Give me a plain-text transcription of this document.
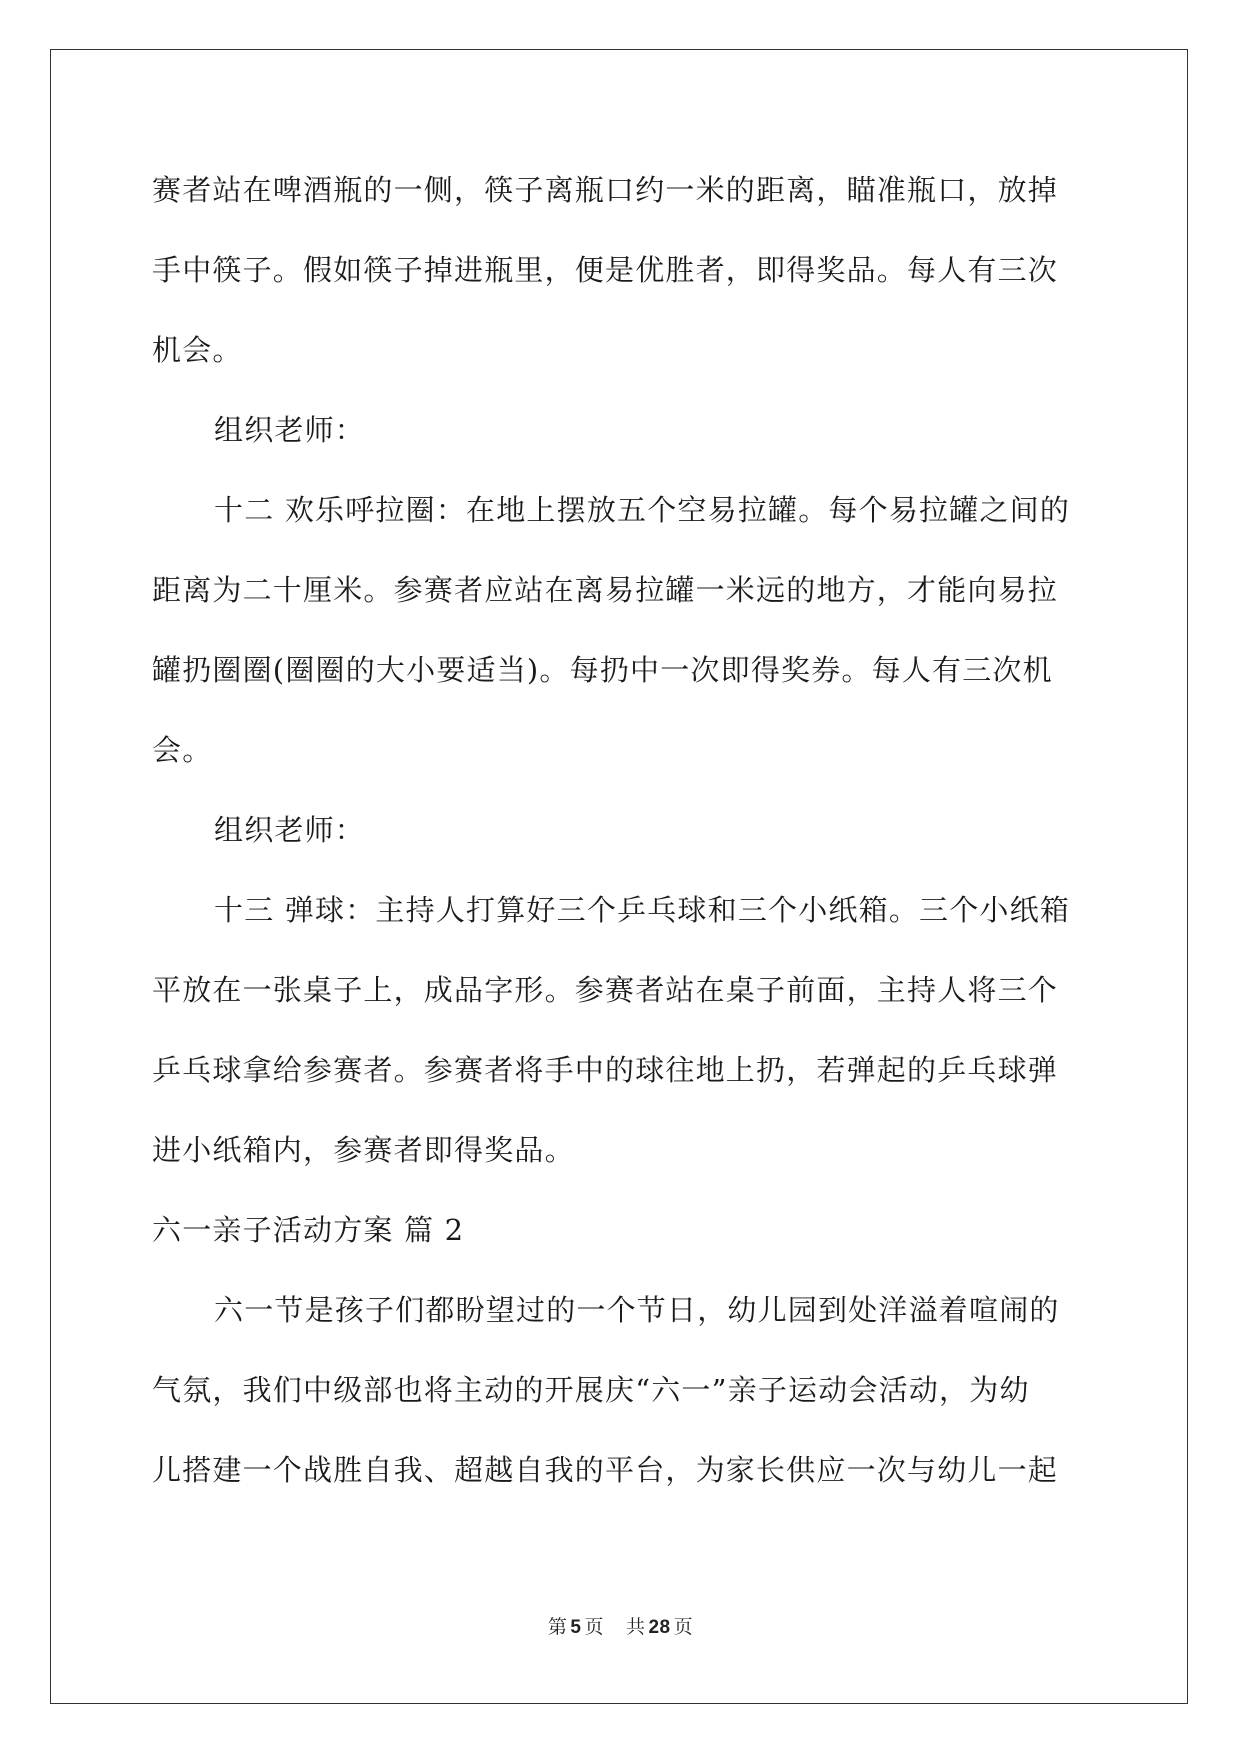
赛者站在啤酒瓶的一侧，筷子离瓶口约一米的距离，瞄准瓶口，放掉
手中筷子。假如筷子掉进瓶里，便是优胜者，即得奖品。每人有三次
机会。
组织老师：
十二 欢乐呼拉圈：在地上摆放五个空易拉罐。每个易拉罐之间的
距离为二十厘米。参赛者应站在离易拉罐一米远的地方，才能向易拉
罐扔圈圈(圈圈的大小要适当)。每扔中一次即得奖券。每人有三次机
会。
组织老师：
十三 弹球：主持人打算好三个乒乓球和三个小纸箱。三个小纸箱
平放在一张桌子上，成品字形。参赛者站在桌子前面，主持人将三个
乒乓球拿给参赛者。参赛者将手中的球往地上扔，若弹起的乒乓球弹
进小纸箱内，参赛者即得奖品。
六一亲子活动方案 篇 2
六一节是孩子们都盼望过的一个节日，幼儿园到处洋溢着喧闹的
气氛，我们中级部也将主动的开展庆“六一”亲子运动会活动，为幼
儿搭建一个战胜自我、超越自我的平台，为家长供应一次与幼儿一起
第 5 页 共 28 页
